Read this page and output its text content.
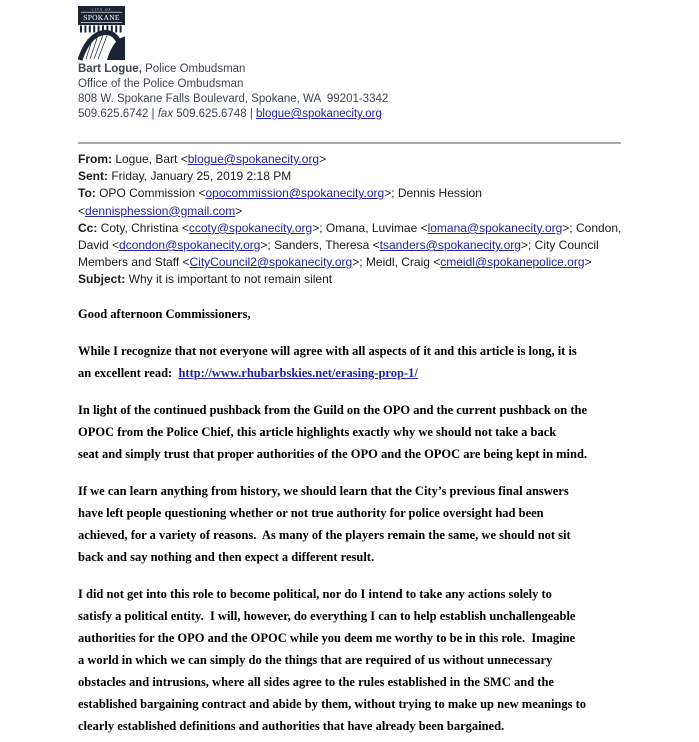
CITY OF
SPOKANE
Bart Logue, Police Ombudsman
Office of the Police Ombudsman
808 W. Spokane Falls Boulevard, Spokane, WA  99201-3342
509.625.6742 | fax 509.625.6748 | blogue@spokanecity.org
From: Logue, Bart <blogue@spokanecity.org>
Sent: Friday, January 25, 2019 2:18 PM
To: OPO Commission <opocommission@spokanecity.org>; Dennis Hession
<dennisphession@gmail.com>
Cc: Coty, Christina <ccoty@spokanecity.org>; Omana, Luvimae <lomana@spokanecity.org>; Condon,
David <dcondon@spokanecity.org>; Sanders, Theresa <tsanders@spokanecity.org>; City Council
Members and Staff <CityCouncil2@spokanecity.org>; Meidl, Craig <cmeidl@spokanepolice.org>
Subject: Why it is important to not remain silent
Good afternoon Commissioners,
While I recognize that not everyone will agree with all aspects of it and this article is long, it is
an excellent read:  http://www.rhubarbskies.net/erasing-prop-1/
In light of the continued pushback from the Guild on the OPO and the current pushback on the
OPOC from the Police Chief, this article highlights exactly why we should not take a back
seat and simply trust that proper authorities of the OPO and the OPOC are being kept in mind.
If we can learn anything from history, we should learn that the City’s previous final answers
have left people questioning whether or not true authority for police oversight had been
achieved, for a variety of reasons.  As many of the players remain the same, we should not sit
back and say nothing and then expect a different result.
I did not get into this role to become political, nor do I intend to take any actions solely to
satisfy a political entity.  I will, however, do everything I can to help establish unchallengeable
authorities for the OPO and the OPOC while you deem me worthy to be in this role.  Imagine
a world in which we can simply do the things that are required of us without unnecessary
obstacles and intrusions, where all sides agree to the rules established in the SMC and the
established bargaining contract and abide by them, without trying to make up new meanings to
clearly established definitions and authorities that have already been bargained.
